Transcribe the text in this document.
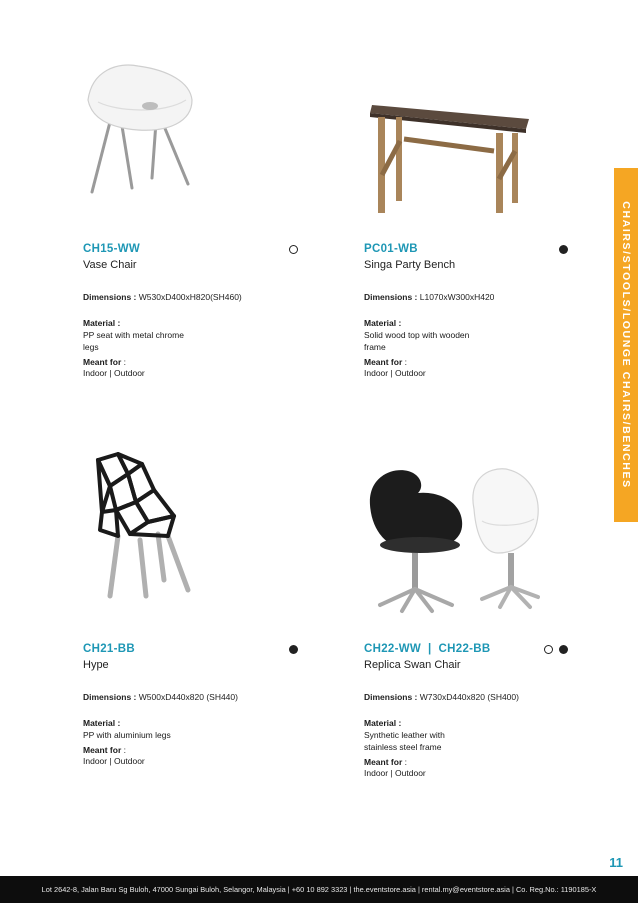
CH15-WW
Vase Chair
Dimensions : W530xD400xH820(SH460)
Material :
PP seat with metal chrome legs
Meant for :
Indoor | Outdoor
PC01-WB
Singa Party Bench
Dimensions : L1070xW300xH420
Material :
Solid wood top with wooden frame
Meant for :
Indoor | Outdoor
CH21-BB
Hype
Dimensions : W500xD440x820 (SH440)
Material :
PP with aluminium legs
Meant for :
Indoor | Outdoor
CH22-WW  |  CH22-BB
Replica Swan Chair
Dimensions : W730xD440x820 (SH400)
Material :
Synthetic leather with stainless steel frame
Meant for :
Indoor | Outdoor
CHAIRS/STOOLS/LOUNGE CHAIRS/BENCHES
11
Lot 2642-8, Jalan Baru Sg Buloh, 47000 Sungai Buloh, Selangor, Malaysia | +60 10 892 3323 | the.eventstore.asia | rental.my@eventstore.asia | Co. Reg.No.: 1190185-X
